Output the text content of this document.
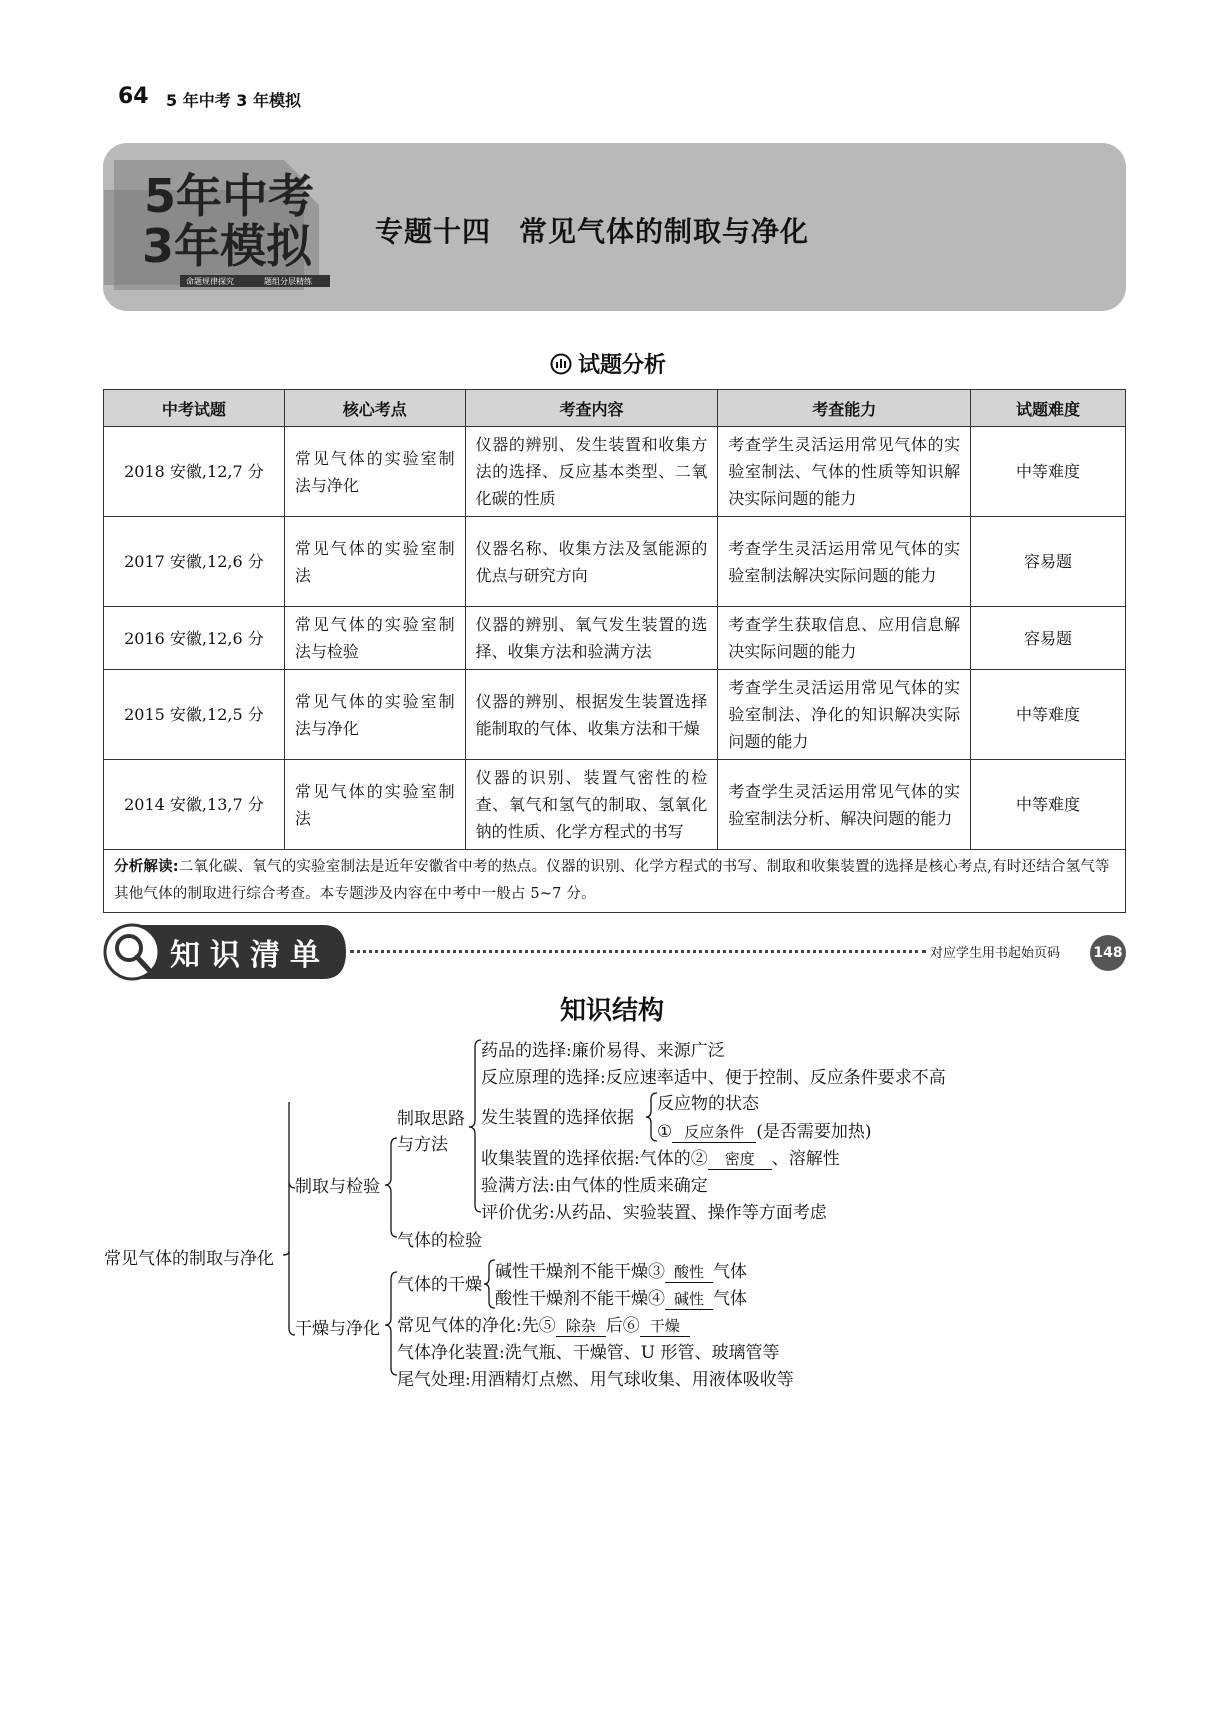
64 5 年中考 3 年模拟
5年中考
3年模拟
命题规律探究	题组分层精练
专题十四 常见气体的制取与净化
试题分析
中考试题	核心考点	考查内容	考查能力	试题难度
2018 安徽,12,7 分	常见气体的实验室制法与净化	仪器的辨别、发生装置和收集方法的选择、反应基本类型、二氧化碳的性质	考查学生灵活运用常见气体的实验室制法、气体的性质等知识解决实际问题的能力	中等难度
2017 安徽,12,6 分	常见气体的实验室制法	仪器名称、收集方法及氢能源的优点与研究方向	考查学生灵活运用常见气体的实验室制法解决实际问题的能力	容易题
2016 安徽,12,6 分	常见气体的实验室制法与检验	仪器的辨别、氧气发生装置的选择、收集方法和验满方法	考查学生获取信息、应用信息解决实际问题的能力	容易题
2015 安徽,12,5 分	常见气体的实验室制法与净化	仪器的辨别、根据发生装置选择能制取的气体、收集方法和干燥	考查学生灵活运用常见气体的实验室制法、净化的知识解决实际问题的能力	中等难度
2014 安徽,13,7 分	常见气体的实验室制法	仪器的识别、装置气密性的检查、氧气和氢气的制取、氢氧化钠的性质、化学方程式的书写	考查学生灵活运用常见气体的实验室制法分析、解决问题的能力	中等难度
分析解读:二氧化碳、氧气的实验室制法是近年安徽省中考的热点。仪器的识别、化学方程式的书写、制取和收集装置的选择是核心考点,有时还结合氢气等其他气体的制取进行综合考查。本专题涉及内容在中考中一般占 5~7 分。				
知识清单	对应学生用书起始页码 148
知识结构
常见气体的制取与净化
制取与检验
制取思路
与方法
药品的选择:廉价易得、来源广泛
反应原理的选择:反应速率适中、便于控制、反应条件要求不高
发生装置的选择依据
反应物的状态
① 反应条件 (是否需要加热)
收集装置的选择依据:气体的② 密度 、溶解性
验满方法:由气体的性质来确定
评价优劣:从药品、实验装置、操作等方面考虑
气体的检验
干燥与净化
气体的干燥
碱性干燥剂不能干燥③ 酸性 气体
酸性干燥剂不能干燥④ 碱性 气体
常见气体的净化:先⑤ 除杂 后⑥ 干燥
气体净化装置:洗气瓶、干燥管、U 形管、玻璃管等
尾气处理:用酒精灯点燃、用气球收集、用液体吸收等
